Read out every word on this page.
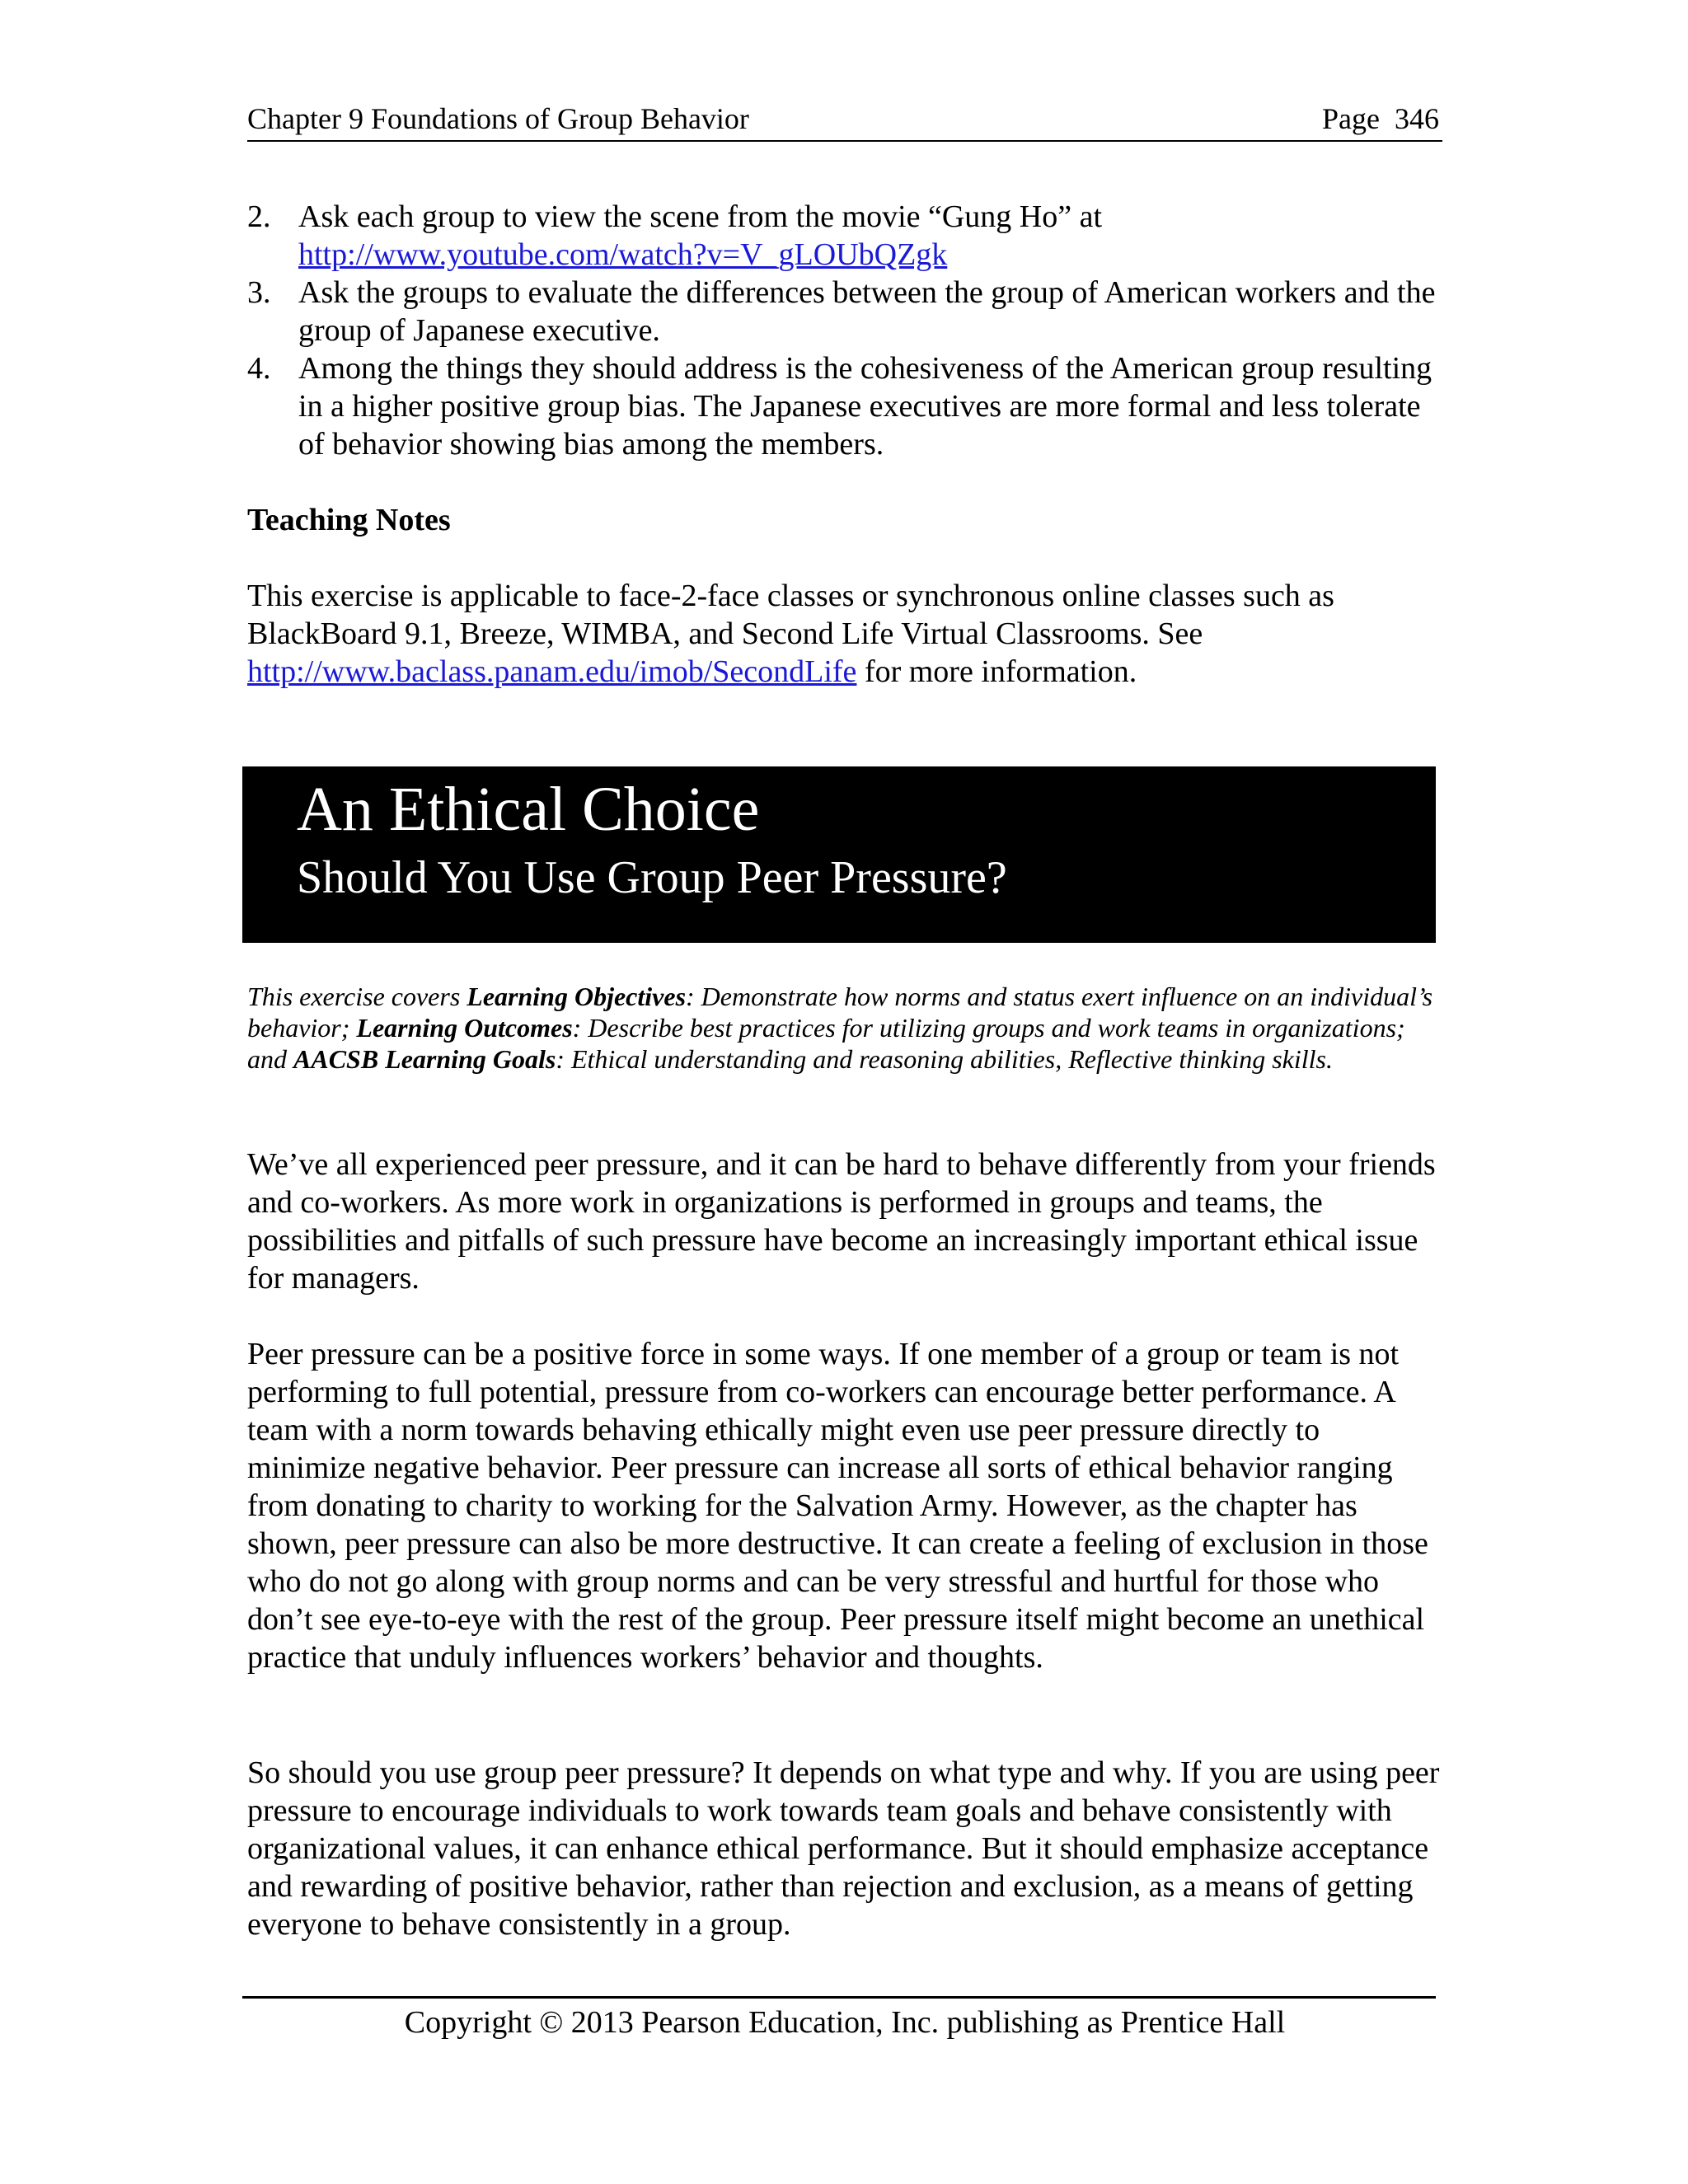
Chapter 9 Foundations of Group Behavior	Page 346
2. Ask each group to view the scene from the movie “Gung Ho” at
http://www.youtube.com/watch?v=V_gLOUbQZgk
3. Ask the groups to evaluate the differences between the group of American workers and the group of Japanese executive.
4. Among the things they should address is the cohesiveness of the American group resulting in a higher positive group bias. The Japanese executives are more formal and less tolerate of behavior showing bias among the members.
Teaching Notes

This exercise is applicable to face-2-face classes or synchronous online classes such as BlackBoard 9.1, Breeze, WIMBA, and Second Life Virtual Classrooms. See
http://www.baclass.panam.edu/imob/SecondLife for more information.

An Ethical Choice
Should You Use Group Peer Pressure?

This exercise covers Learning Objectives: Demonstrate how norms and status exert influence on an individual’s behavior; Learning Outcomes: Describe best practices for utilizing groups and work teams in organizations; and AACSB Learning Goals: Ethical understanding and reasoning abilities, Reflective thinking skills.

We’ve all experienced peer pressure, and it can be hard to behave differently from your friends and co-workers. As more work in organizations is performed in groups and teams, the possibilities and pitfalls of such pressure have become an increasingly important ethical issue for managers.

Peer pressure can be a positive force in some ways. If one member of a group or team is not performing to full potential, pressure from co-workers can encourage better performance. A team with a norm towards behaving ethically might even use peer pressure directly to minimize negative behavior. Peer pressure can increase all sorts of ethical behavior ranging from donating to charity to working for the Salvation Army. However, as the chapter has shown, peer pressure can also be more destructive. It can create a feeling of exclusion in those who do not go along with group norms and can be very stressful and hurtful for those who don’t see eye-to-eye with the rest of the group. Peer pressure itself might become an unethical practice that unduly influences workers’ behavior and thoughts.

So should you use group peer pressure? It depends on what type and why. If you are using peer pressure to encourage individuals to work towards team goals and behave consistently with organizational values, it can enhance ethical performance. But it should emphasize acceptance and rewarding of positive behavior, rather than rejection and exclusion, as a means of getting everyone to behave consistently in a group.

Copyright © 2013 Pearson Education, Inc. publishing as Prentice Hall
